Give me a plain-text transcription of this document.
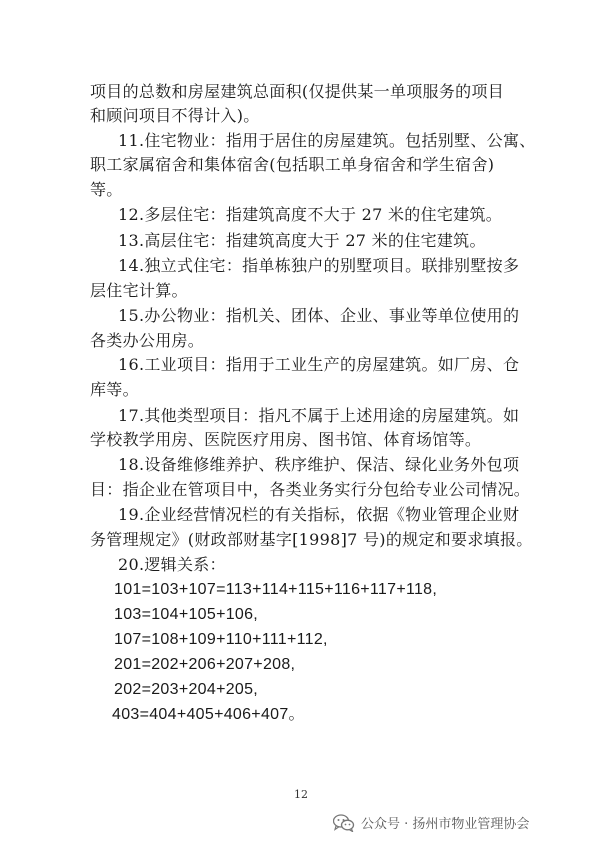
项目的总数和房屋建筑总面积(仅提供某一单项服务的项目
和顾问项目不得计入)。
11.住宅物业：指用于居住的房屋建筑。包括别墅、公寓、
职工家属宿舍和集体宿舍(包括职工单身宿舍和学生宿舍)
等。
12.多层住宅：指建筑高度不大于 27 米的住宅建筑。
13.高层住宅：指建筑高度大于 27 米的住宅建筑。
14.独立式住宅：指单栋独户的别墅项目。联排别墅按多
层住宅计算。
15.办公物业：指机关、团体、企业、事业等单位使用的
各类办公用房。
16.工业项目：指用于工业生产的房屋建筑。如厂房、仓
库等。
17.其他类型项目：指凡不属于上述用途的房屋建筑。如
学校教学用房、医院医疗用房、图书馆、体育场馆等。
18.设备维修维养护、秩序维护、保洁、绿化业务外包项
目：指企业在管项目中，各类业务实行分包给专业公司情况。
19.企业经营情况栏的有关指标，依据《物业管理企业财
务管理规定》(财政部财基字[1998]7 号)的规定和要求填报。
20.逻辑关系：
101=103+107=113+114+115+116+117+118,
103=104+105+106,
107=108+109+110+111+112,
201=202+206+207+208,
202=203+204+205,
403=404+405+406+407。
12
公众号 · 扬州市物业管理协会
